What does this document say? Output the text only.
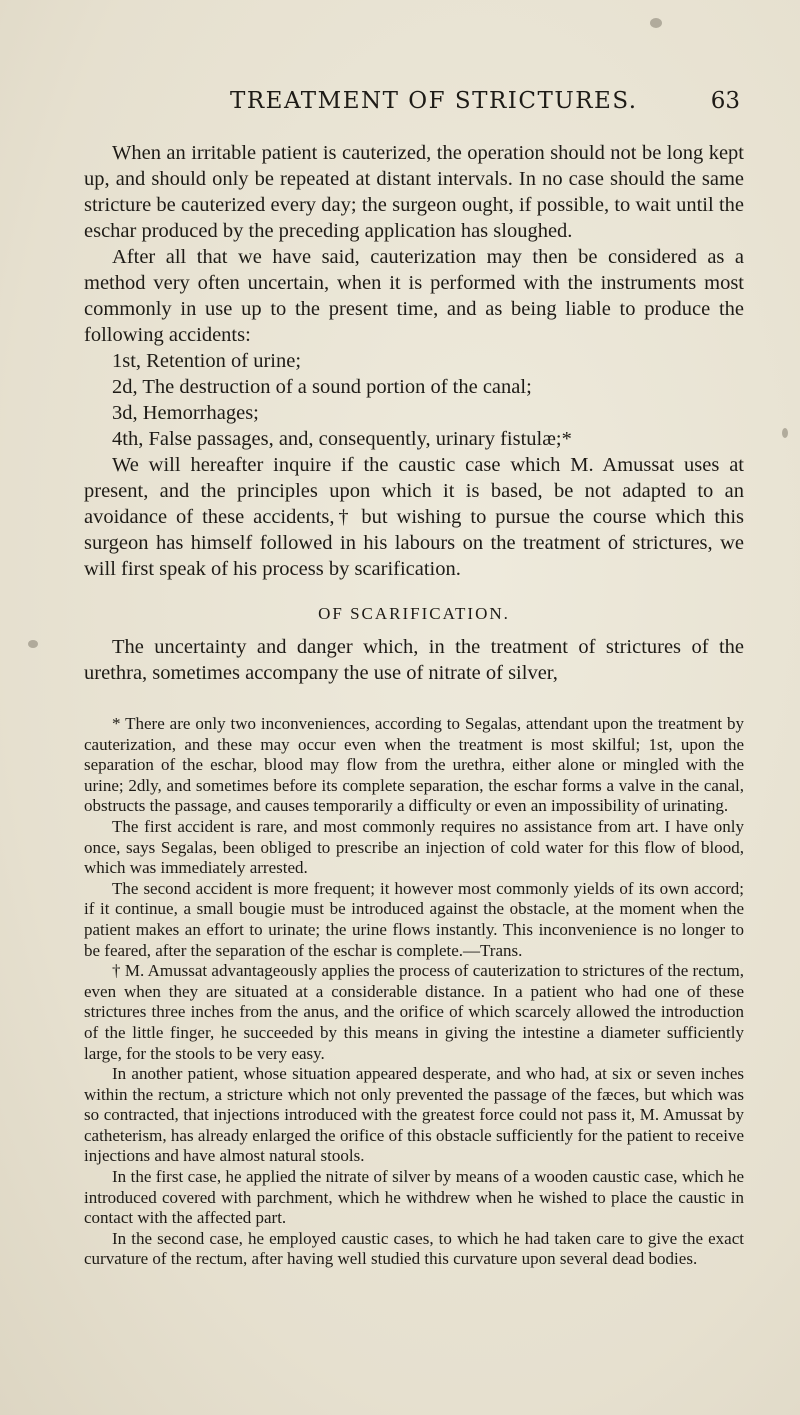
TREATMENT OF STRICTURES.	63

When an irritable patient is cauterized, the operation should not be long kept up, and should only be repeated at distant intervals. In no case should the same stricture be cauterized every day; the surgeon ought, if possible, to wait until the eschar produced by the preceding application has sloughed.

After all that we have said, cauterization may then be considered as a method very often uncertain, when it is performed with the instruments most commonly in use up to the present time, and as being liable to produce the following accidents:

1st, Retention of urine;
2d, The destruction of a sound portion of the canal;
3d, Hemorrhages;
4th, False passages, and, consequently, urinary fistulæ;*

We will hereafter inquire if the caustic case which M. Amussat uses at present, and the principles upon which it is based, be not adapted to an avoidance of these accidents,† but wishing to pursue the course which this surgeon has himself followed in his labours on the treatment of strictures, we will first speak of his process by scarification.

OF SCARIFICATION.

The uncertainty and danger which, in the treatment of strictures of the urethra, sometimes accompany the use of nitrate of silver,

* There are only two inconveniences, according to Segalas, attendant upon the treatment by cauterization, and these may occur even when the treatment is most skilful; 1st, upon the separation of the eschar, blood may flow from the urethra, either alone or mingled with the urine; 2dly, and sometimes before its complete separation, the eschar forms a valve in the canal, obstructs the passage, and causes temporarily a difficulty or even an impossibility of urinating.

The first accident is rare, and most commonly requires no assistance from art. I have only once, says Segalas, been obliged to prescribe an injection of cold water for this flow of blood, which was immediately arrested.

The second accident is more frequent; it however most commonly yields of its own accord; if it continue, a small bougie must be introduced against the obstacle, at the moment when the patient makes an effort to urinate; the urine flows instantly. This inconvenience is no longer to be feared, after the separation of the eschar is complete.—Trans.

† M. Amussat advantageously applies the process of cauterization to strictures of the rectum, even when they are situated at a considerable distance. In a patient who had one of these strictures three inches from the anus, and the orifice of which scarcely allowed the introduction of the little finger, he succeeded by this means in giving the intestine a diameter sufficiently large, for the stools to be very easy.

In another patient, whose situation appeared desperate, and who had, at six or seven inches within the rectum, a stricture which not only prevented the passage of the fæces, but which was so contracted, that injections introduced with the greatest force could not pass it, M. Amussat by catheterism, has already enlarged the orifice of this obstacle sufficiently for the patient to receive injections and have almost natural stools.

In the first case, he applied the nitrate of silver by means of a wooden caustic case, which he introduced covered with parchment, which he withdrew when he wished to place the caustic in contact with the affected part.

In the second case, he employed caustic cases, to which he had taken care to give the exact curvature of the rectum, after having well studied this curvature upon several dead bodies.
